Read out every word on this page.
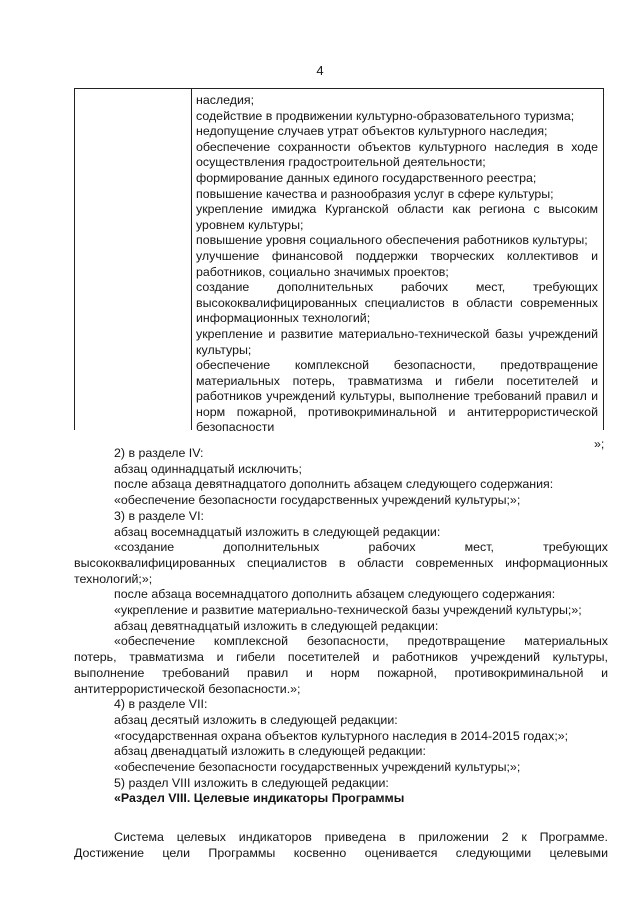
4

наследия;

содействие в продвижении культурно-образовательного туризма;

недопущение случаев утрат объектов культурного наследия;

обеспечение сохранности объектов культурного наследия в ходе осуществления градостроительной деятельности;

формирование данных единого государственного реестра;

повышение качества и разнообразия услуг в сфере культуры;

укрепление имиджа Курганской области как региона с высоким уровнем культуры;

повышение уровня социального обеспечения работников культуры;

улучшение финансовой поддержки творческих коллективов и работников, социально значимых проектов;

создание дополнительных рабочих мест, требующих высококвалифицированных специалистов в области современных информационных технологий;

укрепление и развитие материально-технической базы учреждений культуры;

обеспечение комплексной безопасности, предотвращение материальных потерь, травматизма и гибели посетителей и работников учреждений культуры, выполнение требований правил и норм пожарной, противокриминальной и антитеррористической безопасности

»;

2) в разделе IV:

абзац одиннадцатый исключить;

после абзаца девятнадцатого дополнить абзацем следующего содержания:

«обеспечение безопасности государственных учреждений культуры;»;

3) в разделе VI:

абзац восемнадцатый изложить в следующей редакции:

«создание дополнительных рабочих мест, требующих

высококвалифицированных специалистов в области современных информационных

технологий;»;

после абзаца восемнадцатого дополнить абзацем следующего содержания:

«укрепление и развитие материально-технической базы учреждений культуры;»;

абзац девятнадцатый изложить в следующей редакции:

«обеспечение комплексной безопасности, предотвращение материальных

потерь, травматизма и гибели посетителей и работников учреждений культуры,

выполнение требований правил и норм пожарной, противокриминальной и

антитеррористической безопасности.»;

4) в разделе VII:

абзац десятый изложить в следующей редакции:

«государственная охрана объектов культурного наследия в 2014-2015 годах;»;

абзац двенадцатый изложить в следующей редакции:

«обеспечение безопасности государственных учреждений культуры;»;

5) раздел VIII изложить в следующей редакции:

«Раздел VIII. Целевые индикаторы Программы

Система целевых индикаторов приведена в приложении 2 к Программе.

Достижение цели Программы косвенно оценивается следующими целевыми
